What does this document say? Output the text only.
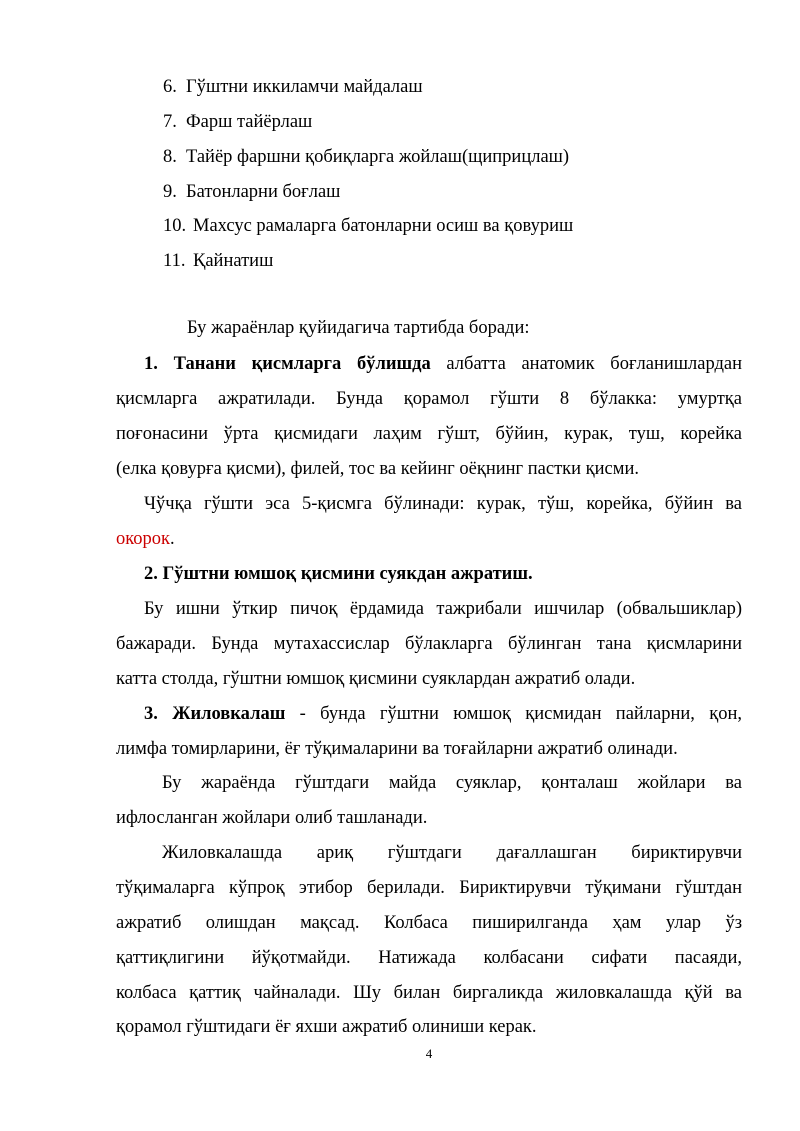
6. Гўштни иккиламчи майдалаш
7. Фарш тайёрлаш
8. Тайёр фаршни қобиқларга жойлаш(щиприцлаш)
9. Батонларни боғлаш
10. Махсус рамаларга батонларни осиш ва қовуриш
11. Қайнатиш
Бу жараёнлар қуйидагича тартибда боради:
1. Танани қисмларга бўлишда албатта анатомик боғланишлардан
қисмларга ажратилади. Бунда қорамол гўшти 8 бўлакка: умуртқа
поғонасини ўрта қисмидаги лаҳим гўшт, бўйин, курак, туш, корейка
(елка қовурға қисми), филей, тос ва кейинг оёқнинг пастки қисми.
Чўчқа гўшти эса 5-қисмга бўлинади: курак, тўш, корейка, бўйин ва
окорок.
2. Гўштни юмшоқ қисмини суякдан ажратиш.
Бу ишни ўткир пичоқ ёрдамида тажрибали ишчилар (обвальшиклар)
бажаради. Бунда мутахассислар бўлакларга бўлинган тана қисмларини
катта столда, гўштни юмшоқ қисмини суяклардан ажратиб олади.
3. Жиловкалаш - бунда гўштни юмшоқ қисмидан пайларни, қон,
лимфа томирларини, ёғ тўқималарини ва тоғайларни ажратиб олинади.
Бу жараёнда гўштдаги майда суяклар, қонталаш жойлари ва
ифлосланган жойлари олиб ташланади.
Жиловкалашда ариқ гўштдаги дағаллашган бириктирувчи
тўқималарга кўпроқ этибор берилади. Бириктирувчи тўқимани гўштдан
ажратиб олишдан мақсад. Колбаса пиширилганда ҳам улар ўз
қаттиқлигини йўқотмайди. Натижада колбасани сифати пасаяди,
колбаса қаттиқ чайналади. Шу билан биргаликда жиловкалашда қўй ва
қорамол гўштидаги ёғ яхши ажратиб олиниши керак.
4
